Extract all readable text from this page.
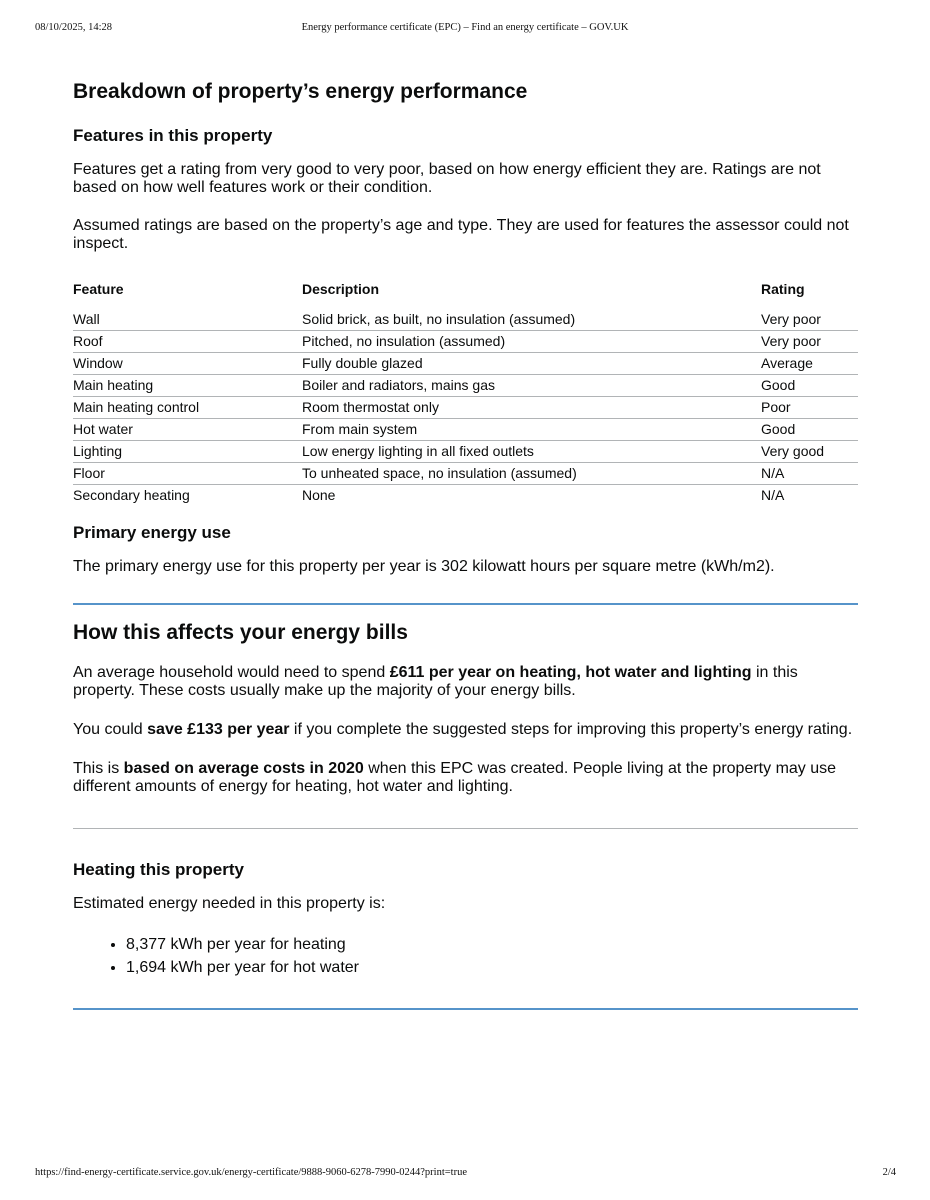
08/10/2025, 14:28	Energy performance certificate (EPC) – Find an energy certificate – GOV.UK
Breakdown of property’s energy performance
Features in this property

Features get a rating from very good to very poor, based on how energy efficient they are. Ratings are not based on how well features work or their condition.

Assumed ratings are based on the property’s age and type. They are used for features the assessor could not inspect.

Feature	Description	Rating
Wall	Solid brick, as built, no insulation (assumed)	Very poor
Roof	Pitched, no insulation (assumed)	Very poor
Window	Fully double glazed	Average
Main heating	Boiler and radiators, mains gas	Good
Main heating control	Room thermostat only	Poor
Hot water	From main system	Good
Lighting	Low energy lighting in all fixed outlets	Very good
Floor	To unheated space, no insulation (assumed)	N/A
Secondary heating	None	N/A
Primary energy use

The primary energy use for this property per year is 302 kilowatt hours per square metre (kWh/m2).

How this affects your energy bills

An average household would need to spend £611 per year on heating, hot water and lighting in this property. These costs usually make up the majority of your energy bills.

You could save £133 per year if you complete the suggested steps for improving this property’s energy rating.

This is based on average costs in 2020 when this EPC was created. People living at the property may use different amounts of energy for heating, hot water and lighting.

Heating this property

Estimated energy needed in this property is:

• 8,377 kWh per year for heating
• 1,694 kWh per year for hot water
https://find-energy-certificate.service.gov.uk/energy-certificate/9888-9060-6278-7990-0244?print=true	2/4
